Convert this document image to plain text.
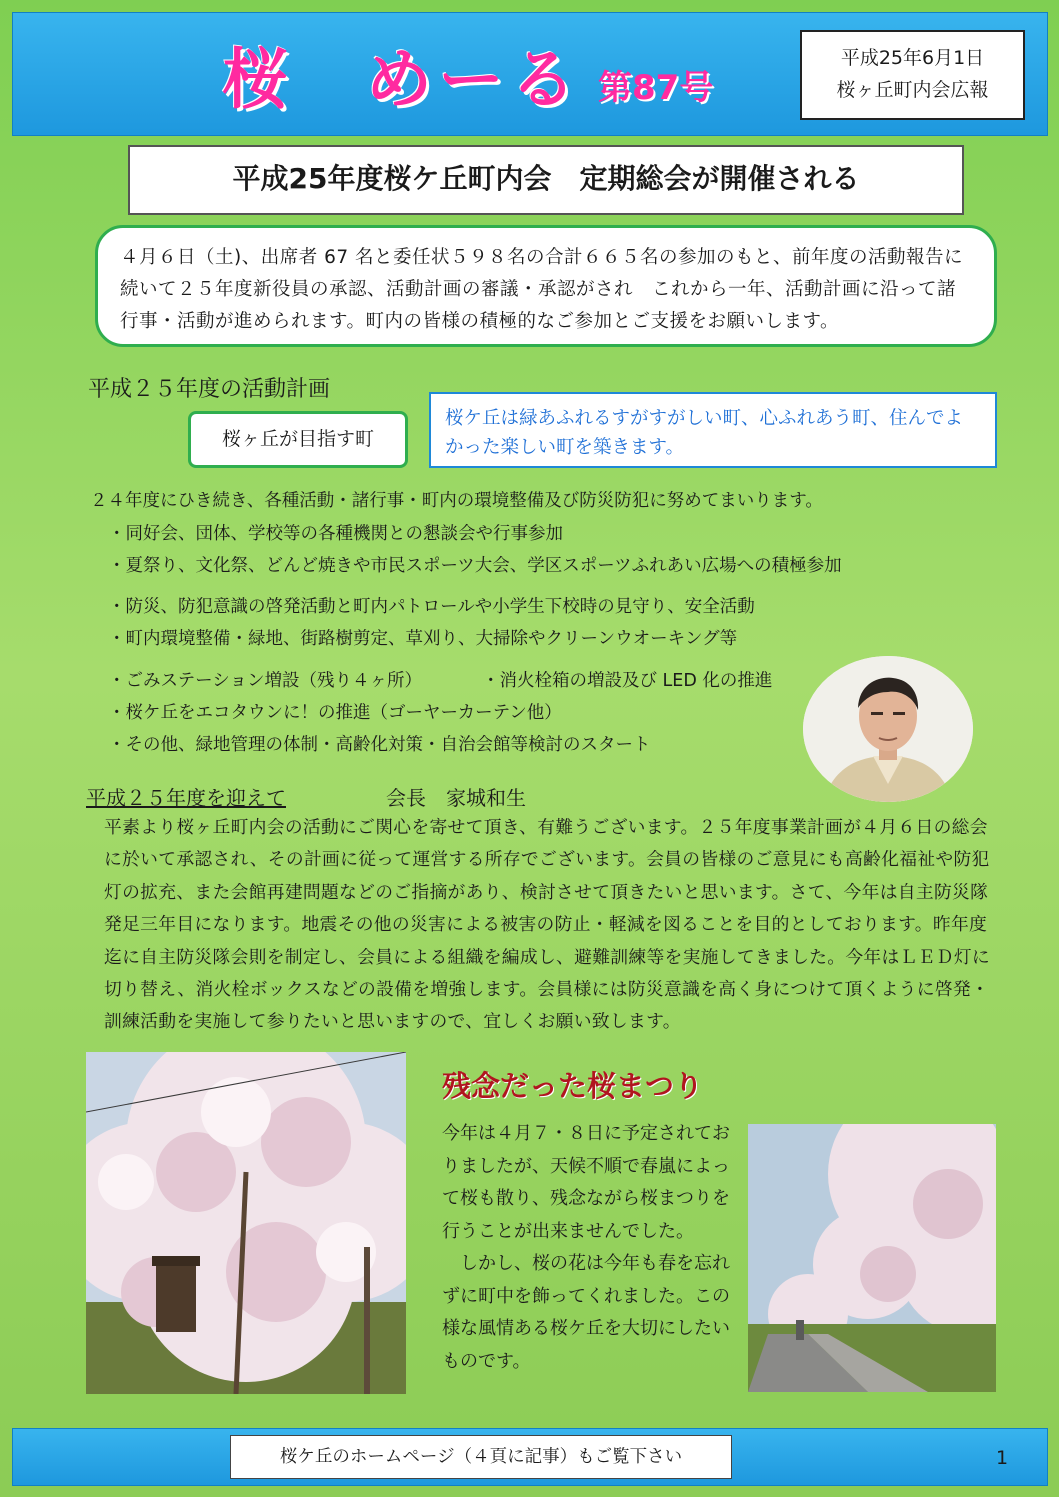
桜　めーる 第87号
平成25年6月1日
桜ヶ丘町内会広報
平成25年度桜ケ丘町内会　定期総会が開催される
４月６日（土)、出席者 67 名と委任状５９８名の合計６６５名の参加のもと、前年度の活動報告に続いて２５年度新役員の承認、活動計画の審議・承認がされ　これから一年、活動計画に沿って諸行事・活動が進められます。町内の皆様の積極的なご参加とご支援をお願いします。
平成２５年度の活動計画
桜ヶ丘が目指す町
桜ケ丘は緑あふれるすがすがしい町、心ふれあう町、住んでよかった楽しい町を築きます。
２４年度にひき続き、各種活動・諸行事・町内の環境整備及び防災防犯に努めてまいります。
・同好会、団体、学校等の各種機関との懇談会や行事参加
・夏祭り、文化祭、どんど焼きや市民スポーツ大会、学区スポーツふれあい広場への積極参加
・防災、防犯意識の啓発活動と町内パトロールや小学生下校時の見守り、安全活動
・町内環境整備・緑地、街路樹剪定、草刈り、大掃除やクリーンウオーキング等
・ごみステーション増設（残り４ヶ所）	・消火栓箱の増設及び LED 化の推進
・桜ケ丘をエコタウンに！の推進（ゴーヤーカーテン他）
・その他、緑地管理の体制・高齢化対策・自治会館等検討のスタート
平成２５年度を迎えて	会長　家城和生
平素より桜ヶ丘町内会の活動にご関心を寄せて頂き、有難うございます。２５年度事業計画が４月６日の総会に於いて承認され、その計画に従って運営する所存でございます。会員の皆様のご意見にも高齢化福祉や防犯灯の拡充、また会館再建問題などのご指摘があり、検討させて頂きたいと思います。さて、今年は自主防災隊発足三年目になります。地震その他の災害による被害の防止・軽減を図ることを目的としております。昨年度迄に自主防災隊会則を制定し、会員による組織を編成し、避難訓練等を実施してきました。今年はＬＥＤ灯に切り替え、消火栓ボックスなどの設備を増強します。会員様には防災意識を高く身につけて頂くように啓発・訓練活動を実施して参りたいと思いますので、宜しくお願い致します。
残念だった桜まつり

今年は４月７・８日に予定されておりましたが、天候不順で春嵐によって桜も散り、残念ながら桜まつりを行うことが出来ませんでした。

　しかし、桜の花は今年も春を忘れずに町中を飾ってくれました。この様な風情ある桜ケ丘を大切にしたいものです。

桜ケ丘のホームページ（４頁に記事）もご覧下さい	1
